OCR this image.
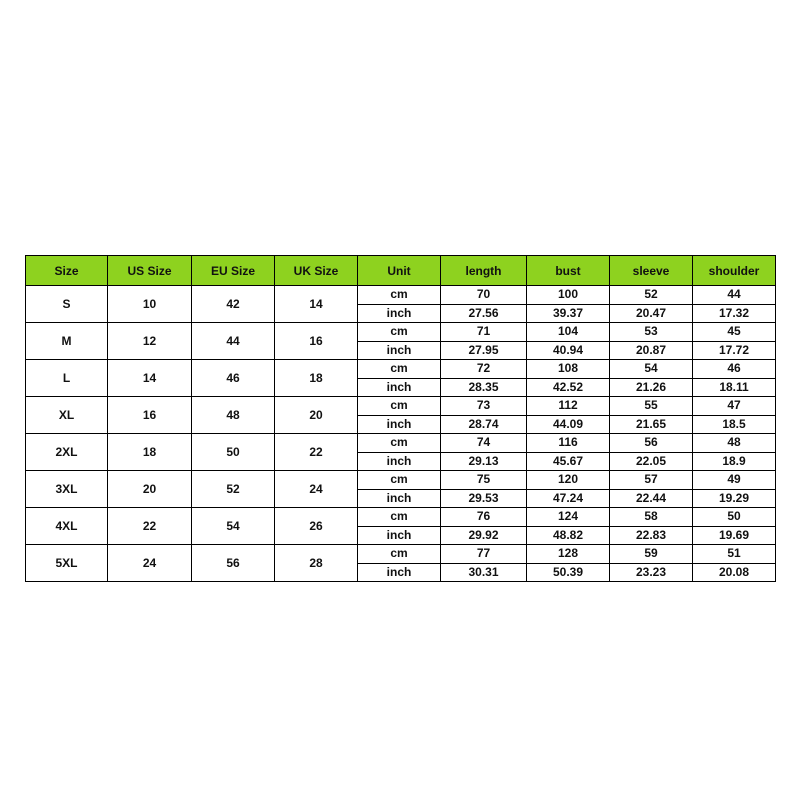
Size	US Size	EU Size	UK Size	Unit	length	bust	sleeve	shoulder
S	10	42	14	cm	70	100	52	44
				inch	27.56	39.37	20.47	17.32
M	12	44	16	cm	71	104	53	45
				inch	27.95	40.94	20.87	17.72
L	14	46	18	cm	72	108	54	46
				inch	28.35	42.52	21.26	18.11
XL	16	48	20	cm	73	112	55	47
				inch	28.74	44.09	21.65	18.5
2XL	18	50	22	cm	74	116	56	48
				inch	29.13	45.67	22.05	18.9
3XL	20	52	24	cm	75	120	57	49
				inch	29.53	47.24	22.44	19.29
4XL	22	54	26	cm	76	124	58	50
				inch	29.92	48.82	22.83	19.69
5XL	24	56	28	cm	77	128	59	51
				inch	30.31	50.39	23.23	20.08
